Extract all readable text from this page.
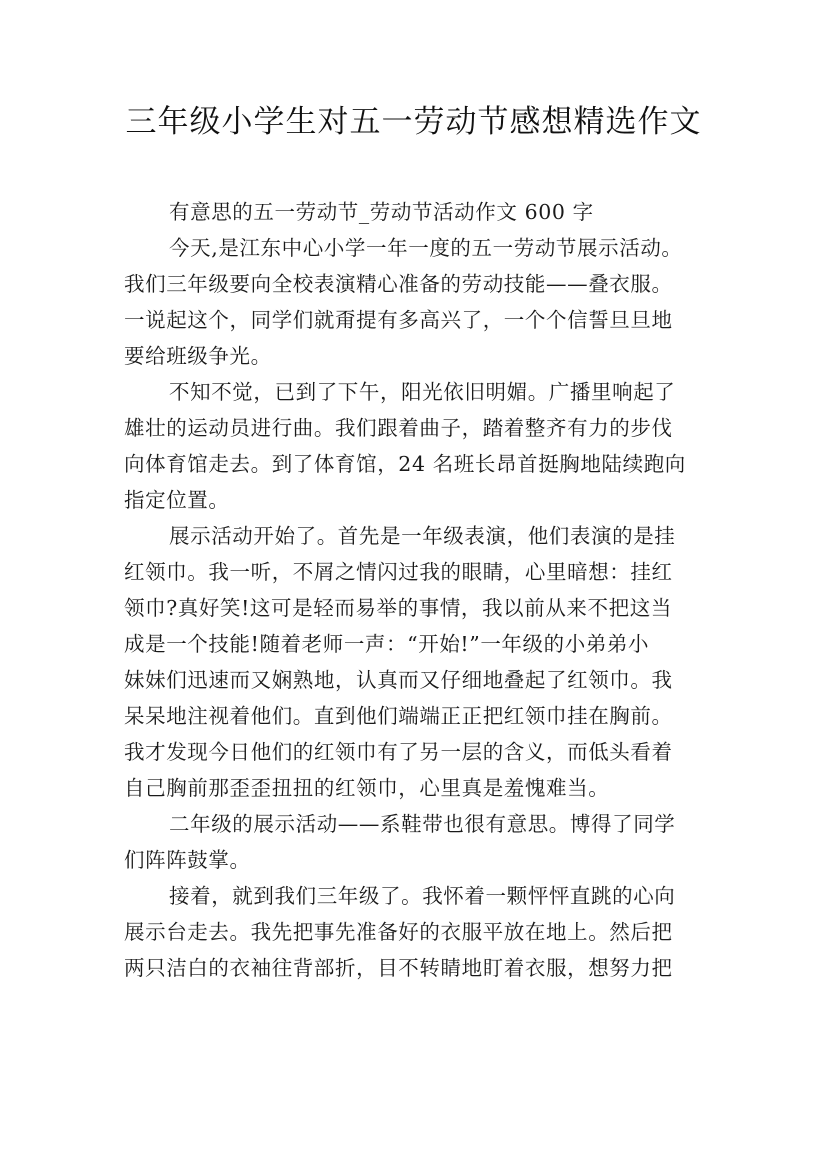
三年级小学生对五一劳动节感想精选作文
有意思的五一劳动节_劳动节活动作文 600 字
今天,是江东中心小学一年一度的五一劳动节展示活动。
我们三年级要向全校表演精心准备的劳动技能——叠衣服。
一说起这个，同学们就甭提有多高兴了，一个个信誓旦旦地
要给班级争光。
不知不觉，已到了下午，阳光依旧明媚。广播里响起了
雄壮的运动员进行曲。我们跟着曲子，踏着整齐有力的步伐
向体育馆走去。到了体育馆，24 名班长昂首挺胸地陆续跑向
指定位置。
展示活动开始了。首先是一年级表演，他们表演的是挂
红领巾。我一听，不屑之情闪过我的眼睛，心里暗想：挂红
领巾?真好笑!这可是轻而易举的事情，我以前从来不把这当
成是一个技能!随着老师一声：“开始!”一年级的小弟弟小
妹妹们迅速而又娴熟地，认真而又仔细地叠起了红领巾。我
呆呆地注视着他们。直到他们端端正正把红领巾挂在胸前。
我才发现今日他们的红领巾有了另一层的含义，而低头看着
自己胸前那歪歪扭扭的红领巾，心里真是羞愧难当。
二年级的展示活动——系鞋带也很有意思。博得了同学
们阵阵鼓掌。
接着，就到我们三年级了。我怀着一颗怦怦直跳的心向
展示台走去。我先把事先准备好的衣服平放在地上。然后把
两只洁白的衣袖往背部折，目不转睛地盯着衣服，想努力把
